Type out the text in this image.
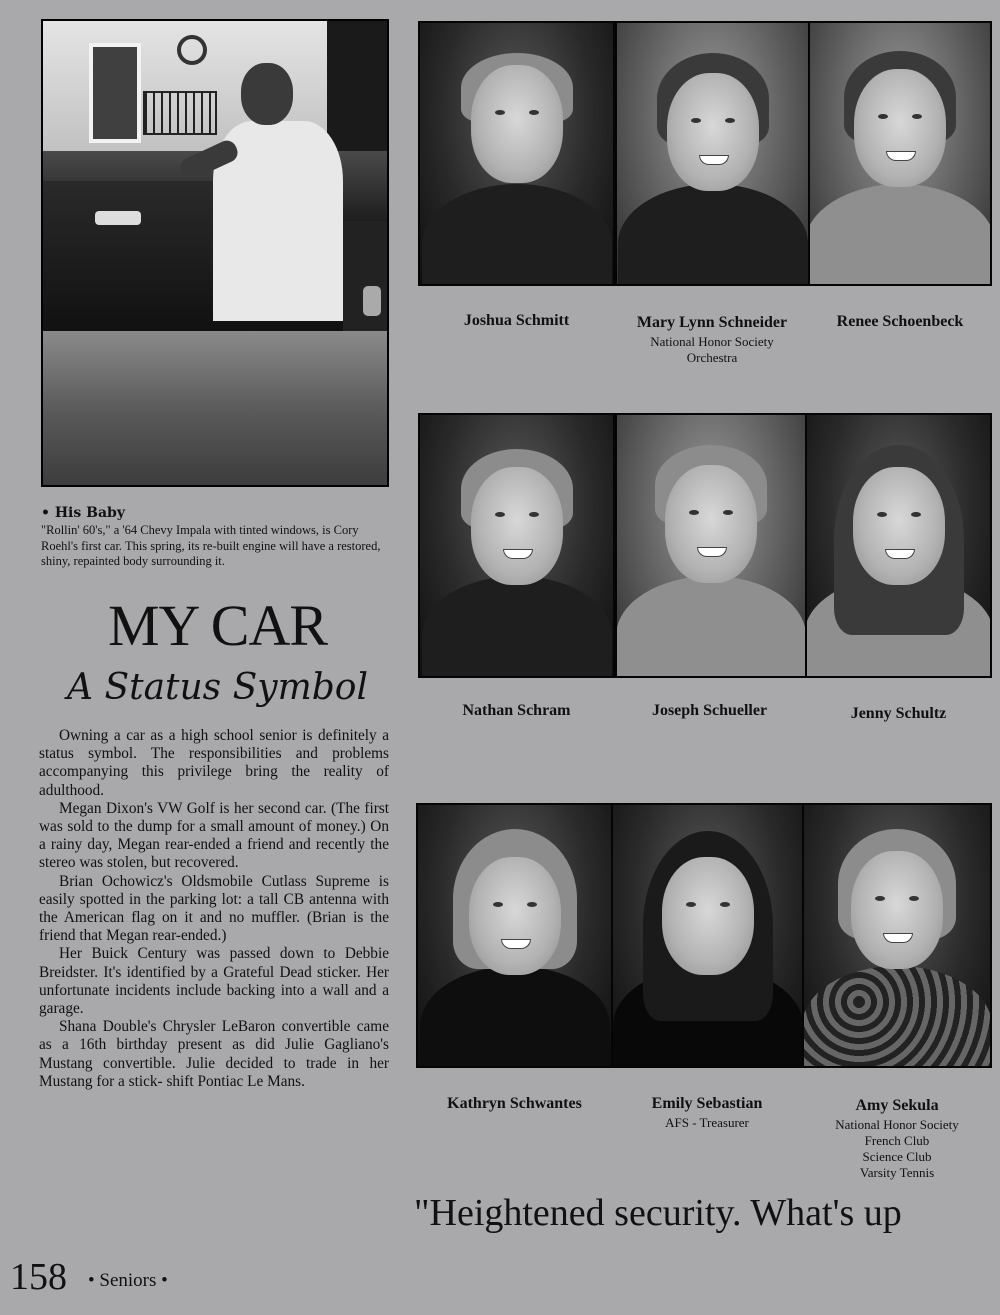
• His Baby
"Rollin' 60's," a '64 Chevy Impala with tinted windows, is Cory Roehl's first car. This spring, its re-built engine will have a restored, shiny, repainted body surrounding it.
MY CAR
A Status Symbol

Owning a car as a high school senior is definitely a status symbol. The responsibilities and problems accompanying this privilege bring the reality of adulthood.

Megan Dixon's VW Golf is her second car. (The first was sold to the dump for a small amount of money.) On a rainy day, Megan rear-ended a friend and recently the stereo was stolen, but recovered.

Brian Ochowicz's Oldsmobile Cutlass Supreme is easily spotted in the parking lot: a tall CB antenna with the American flag on it and no muffler. (Brian is the friend that Megan rear-ended.)

Her Buick Century was passed down to Debbie Breidster. It's identified by a Grateful Dead sticker. Her unfortunate incidents include backing into a wall and a garage.

Shana Double's Chrysler LeBaron convertible came as a 16th birthday present as did Julie Gagliano's Mustang convertible. Julie decided to trade in her Mustang for a stick- shift Pontiac Le Mans.

Joshua Schmitt	Mary Lynn Schneider
National Honor Society
Orchestra
Renee Schoenbeck
Nathan Schram	Joseph Schueller	Jenny Schultz
Kathryn Schwantes	Emily Sebastian
AFS - Treasurer
Amy Sekula
National Honor Society
French Club
Science Club
Varsity Tennis
"Heightened security. What's up
158 • Seniors •
